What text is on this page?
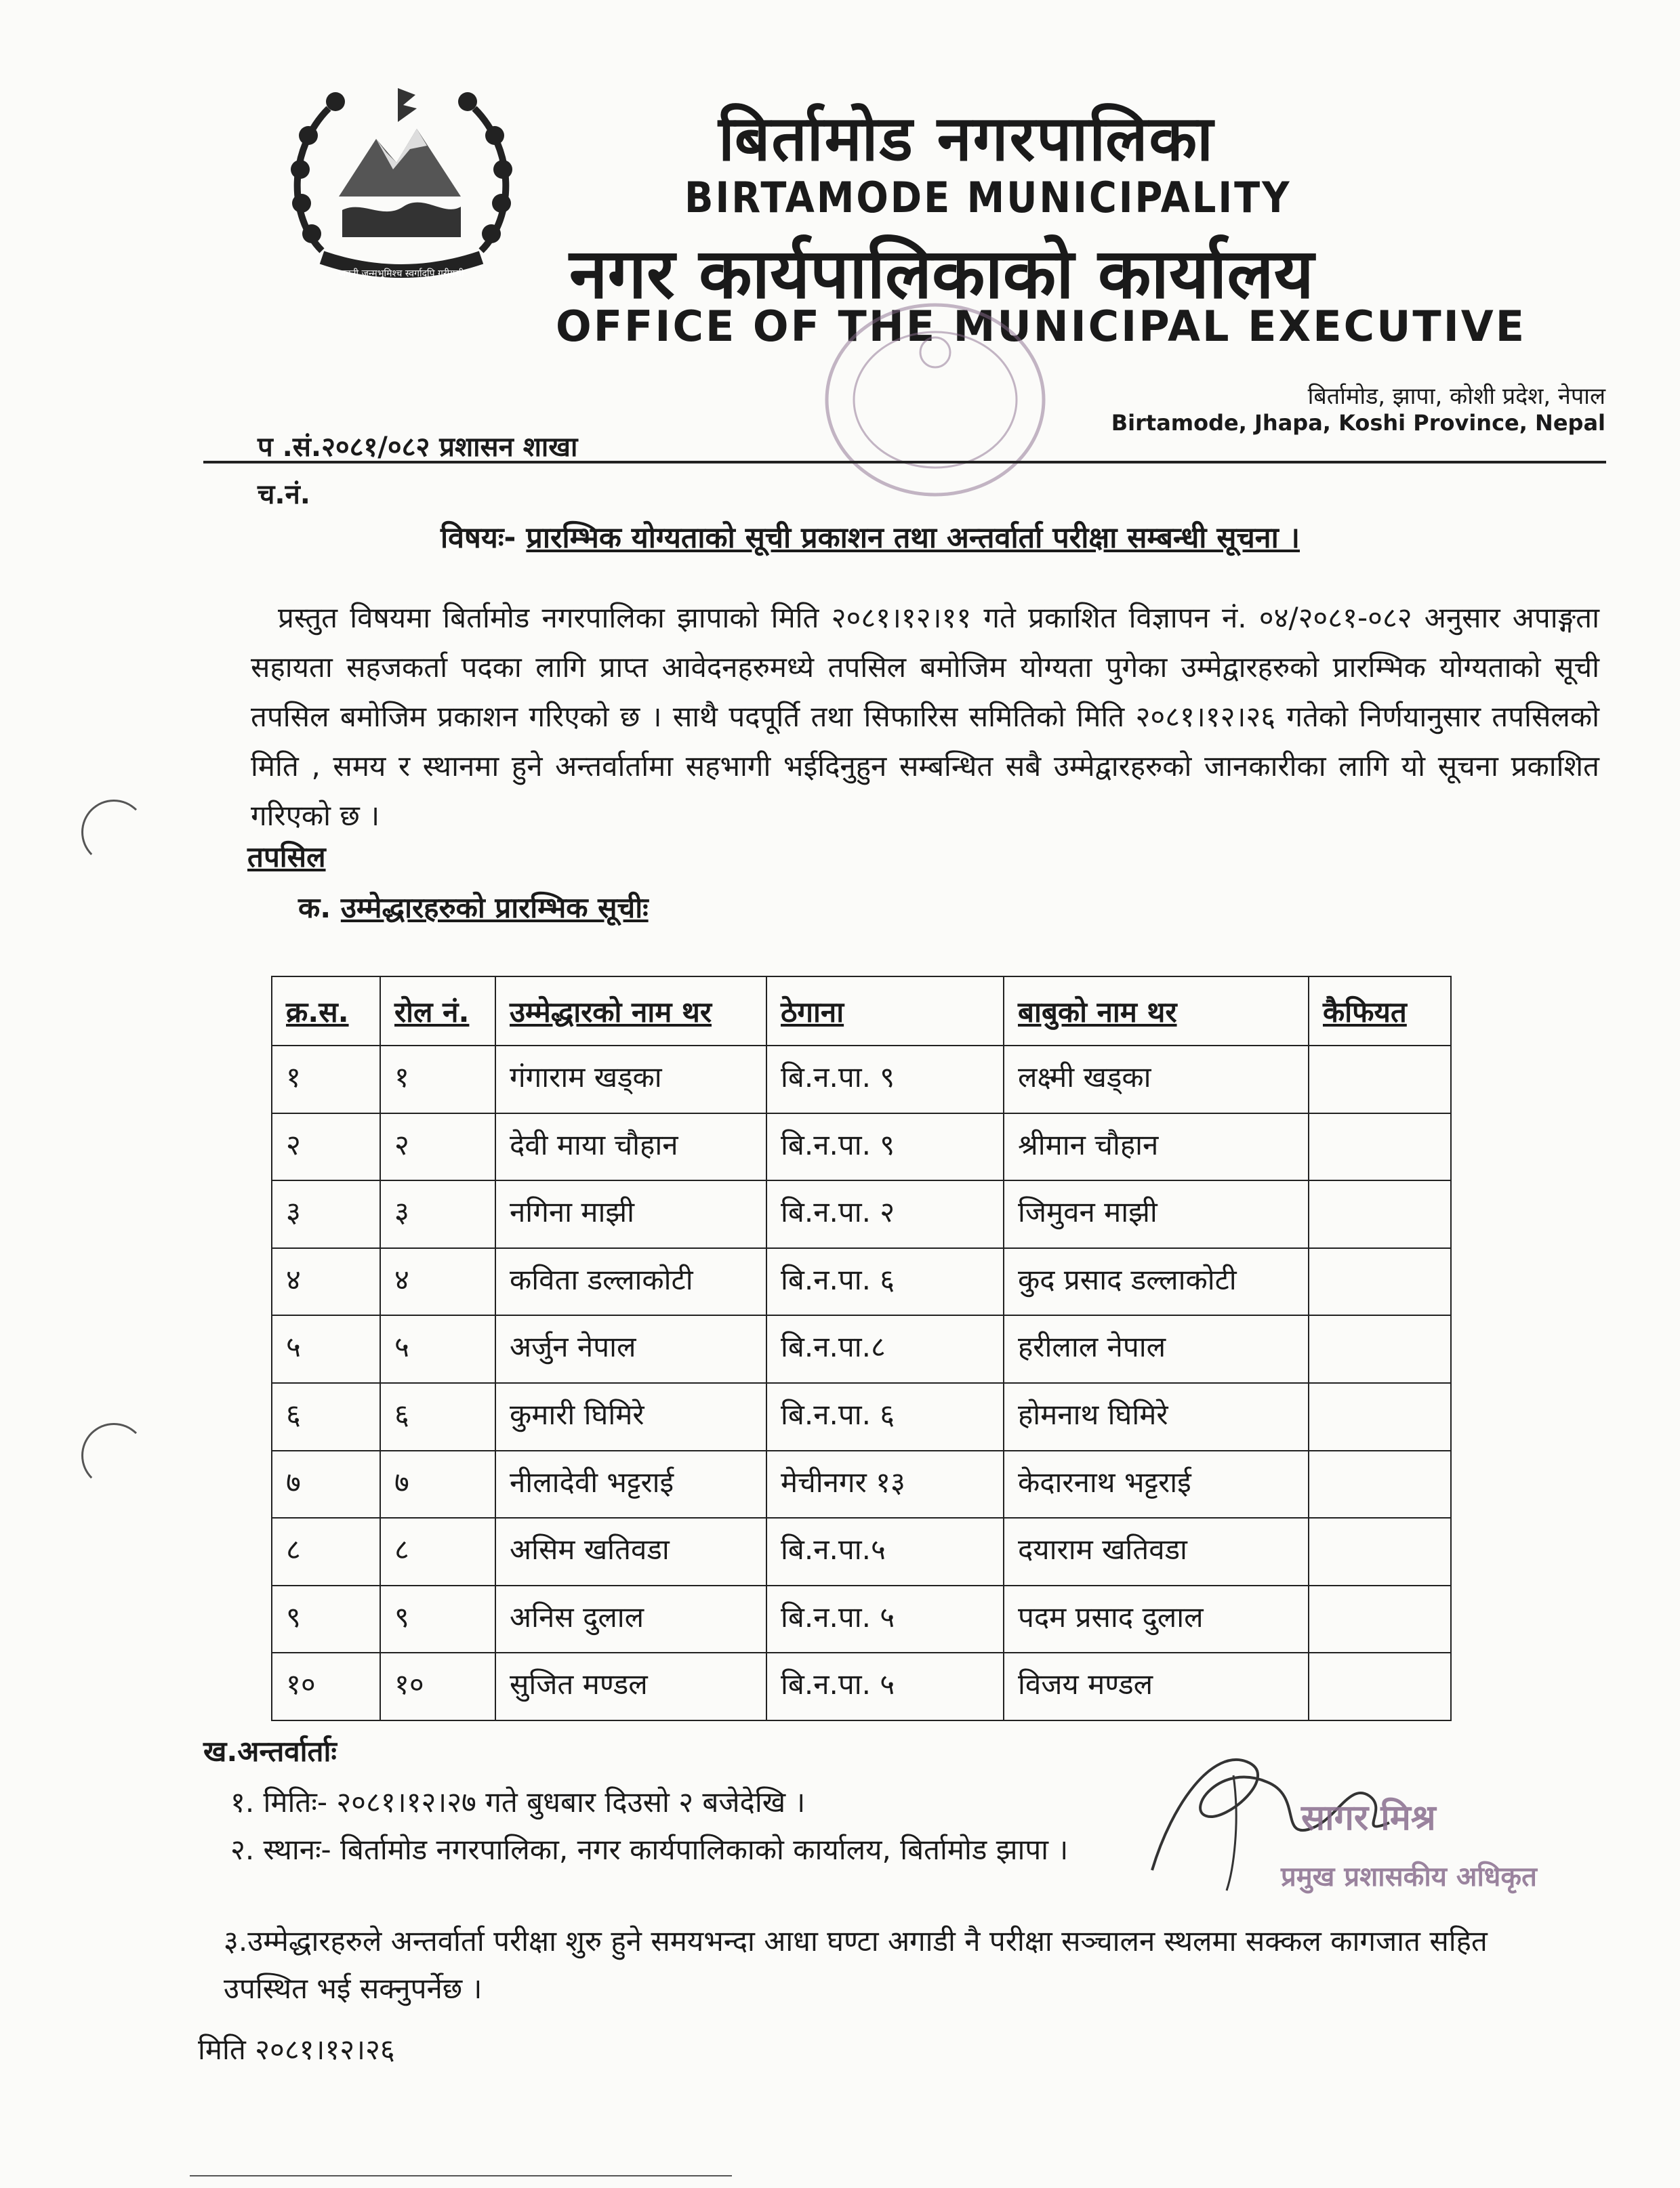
जननी जन्मभूमिश्च स्वर्गादपि गरीयसी
बिर्तामोड नगरपालिका
BIRTAMODE MUNICIPALITY
नगर कार्यपालिकाको कार्यालय
OFFICE OF THE MUNICIPAL EXECUTIVE
बिर्तामोड, झापा, कोशी प्रदेश, नेपाल
Birtamode, Jhapa, Koshi Province, Nepal
प .सं.२०८१/०८२ प्रशासन शाखा
च.नं.
विषयः- प्रारम्भिक योग्यताको सूची प्रकाशन तथा अन्तर्वार्ता परीक्षा सम्बन्धी सूचना ।
प्रस्तुत विषयमा बिर्तामोड नगरपालिका झापाको मिति २०८१।१२।११ गते प्रकाशित विज्ञापन नं. ०४/२०८१-०८२ अनुसार अपाङ्गता सहायता सहजकर्ता पदका लागि प्राप्त आवेदनहरुमध्ये तपसिल बमोजिम योग्यता पुगेका उम्मेद्वारहरुको प्रारम्भिक योग्यताको सूची तपसिल बमोजिम प्रकाशन गरिएको छ । साथै पदपूर्ति तथा सिफारिस समितिको मिति २०८१।१२।२६ गतेको निर्णयानुसार तपसिलको मिति , समय र स्थानमा हुने अन्तर्वार्तामा सहभागी भईदिनुहुन सम्बन्धित सबै उम्मेद्वारहरुको जानकारीका लागि यो सूचना प्रकाशित गरिएको छ ।
तपसिल
क. उम्मेद्धारहरुको प्रारम्भिक सूचीः
क्र.स.	रोल नं.	उम्मेद्धारको नाम थर	ठेगाना	बाबुको नाम थर	कैफियत
१	१	गंगाराम खड्का	बि.न.पा. ९	लक्ष्मी खड्का	
२	२	देवी माया चौहान	बि.न.पा. ९	श्रीमान चौहान	
३	३	नगिना माझी	बि.न.पा. २	जिमुवन माझी	
४	४	कविता डल्लाकोटी	बि.न.पा. ६	कुद प्रसाद डल्लाकोटी	
५	५	अर्जुन नेपाल	बि.न.पा.८	हरीलाल नेपाल	
६	६	कुमारी घिमिरे	बि.न.पा. ६	होमनाथ घिमिरे	
७	७	नीलादेवी भट्टराई	मेचीनगर १३	केदारनाथ भट्टराई	
८	८	असिम खतिवडा	बि.न.पा.५	दयाराम खतिवडा	
९	९	अनिस दुलाल	बि.न.पा. ५	पदम प्रसाद दुलाल	
१०	१०	सुजित मण्डल	बि.न.पा. ५	विजय मण्डल	
ख.अन्तर्वार्ताः
१. मितिः- २०८१।१२।२७ गते बुधबार दिउसो २ बजेदेखि ।
२. स्थानः- बिर्तामोड नगरपालिका, नगर कार्यपालिकाको कार्यालय, बिर्तामोड झापा ।
३.उम्मेद्धारहरुले अन्तर्वार्ता परीक्षा शुरु हुने समयभन्दा आधा घण्टा अगाडी नै परीक्षा सञ्चालन स्थलमा सक्कल कागजात सहित उपस्थित भई सक्नुपर्नेछ ।
मिति २०८१।१२।२६
सागर मिश्र
प्रमुख प्रशासकीय अधिकृत
